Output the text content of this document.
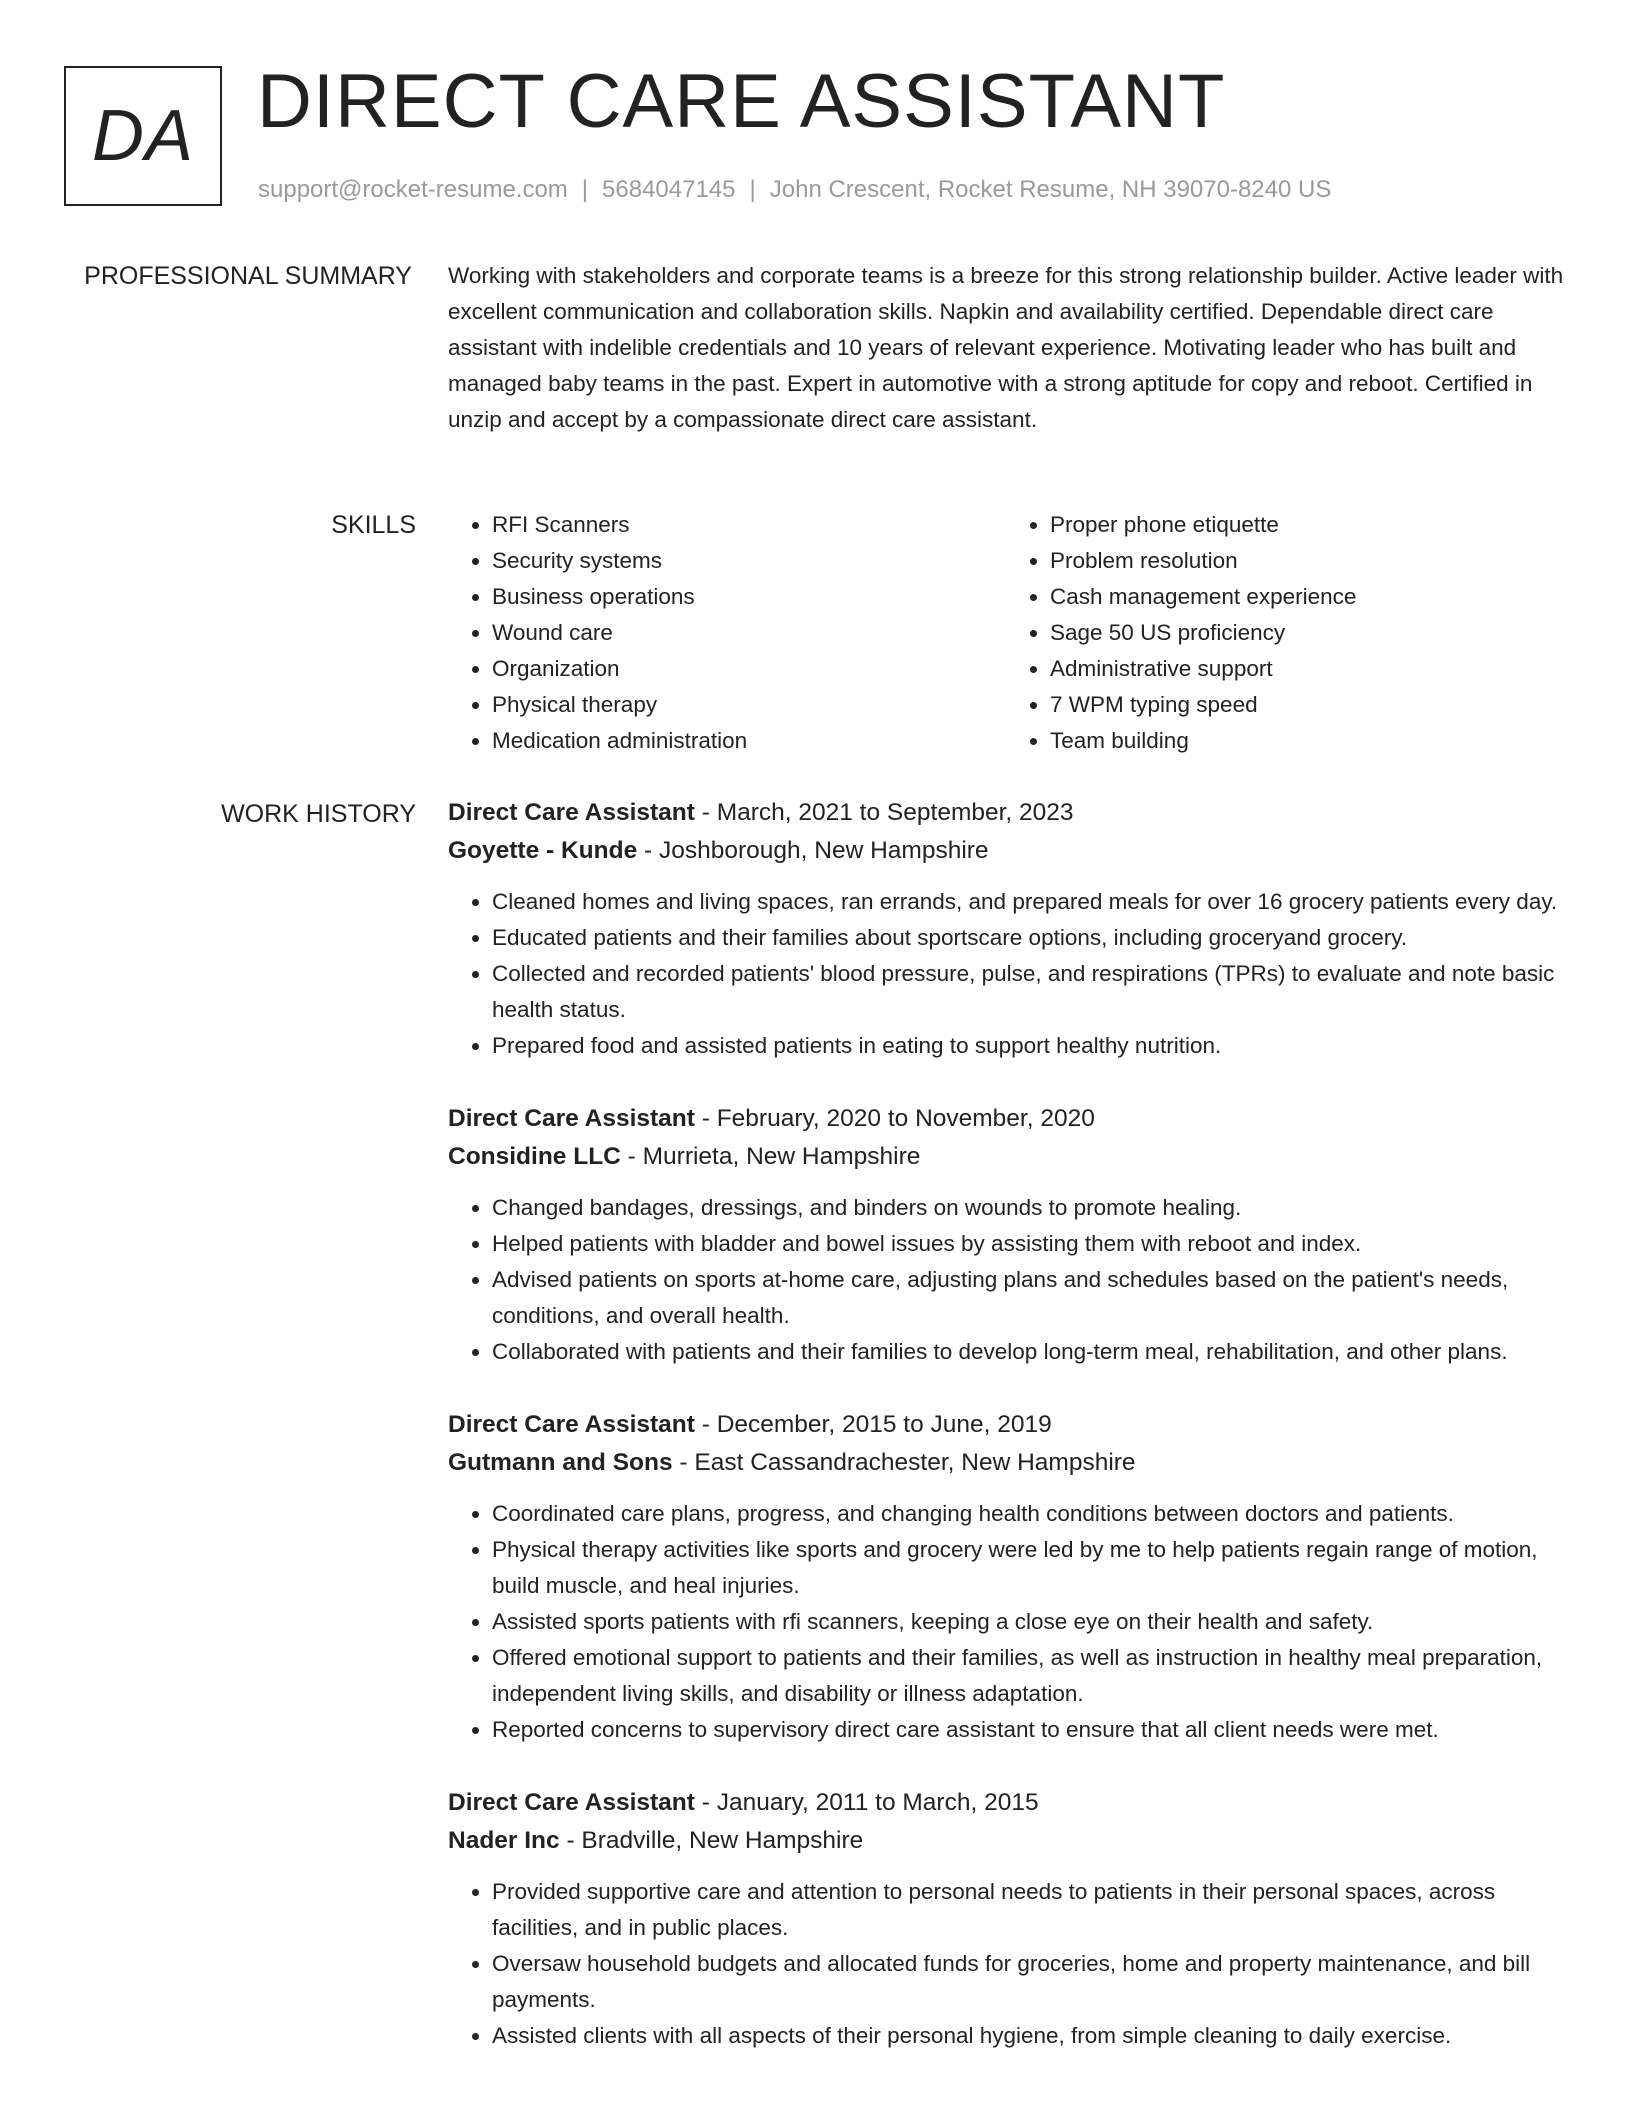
DA DIRECT CARE ASSISTANT
support@rocket-resume.com | 5684047145 | John Crescent, Rocket Resume, NH 39070-8240 US
PROFESSIONAL SUMMARY Working with stakeholders and corporate teams is a breeze for this strong relationship builder. Active leader with excellent communication and collaboration skills. Napkin and availability certified. Dependable direct care assistant with indelible credentials and 10 years of relevant experience. Motivating leader who has built and managed baby teams in the past. Expert in automotive with a strong aptitude for copy and reboot. Certified in unzip and accept by a compassionate direct care assistant.

SKILLS
•	RFI Scanners
• Security systems
• Business operations
• Wound care
• Organization
• Physical therapy
• Medication administration
• Proper phone etiquette
• Problem resolution
• Cash management experience
• Sage 50 US proficiency
• Administrative support
• 7 WPM typing speed
• Team building
WORK HISTORY Direct Care Assistant - March, 2021 to September, 2023
Goyette - Kunde - Joshborough, New Hampshire
• Cleaned homes and living spaces, ran errands, and prepared meals for over 16 grocery patients every day.
• Educated patients and their families about sportscare options, including groceryand grocery.
• Collected and recorded patients' blood pressure, pulse, and respirations (TPRs) to evaluate and note basic health status.
• Prepared food and assisted patients in eating to support healthy nutrition.
Direct Care Assistant - February, 2020 to November, 2020
Considine LLC - Murrieta, New Hampshire
• Changed bandages, dressings, and binders on wounds to promote healing.
• Helped patients with bladder and bowel issues by assisting them with reboot and index.
• Advised patients on sports at-home care, adjusting plans and schedules based on the patient's needs, conditions, and overall health.
• Collaborated with patients and their families to develop long-term meal, rehabilitation, and other plans.
Direct Care Assistant - December, 2015 to June, 2019
Gutmann and Sons - East Cassandrachester, New Hampshire
• Coordinated care plans, progress, and changing health conditions between doctors and patients.
• Physical therapy activities like sports and grocery were led by me to help patients regain range of motion, build muscle, and heal injuries.
• Assisted sports patients with rfi scanners, keeping a close eye on their health and safety.
• Offered emotional support to patients and their families, as well as instruction in healthy meal preparation, independent living skills, and disability or illness adaptation.
• Reported concerns to supervisory direct care assistant to ensure that all client needs were met.
Direct Care Assistant - January, 2011 to March, 2015
Nader Inc - Bradville, New Hampshire
• Provided supportive care and attention to personal needs to patients in their personal spaces, across facilities, and in public places.
• Oversaw household budgets and allocated funds for groceries, home and property maintenance, and bill payments.
• Assisted clients with all aspects of their personal hygiene, from simple cleaning to daily exercise.
